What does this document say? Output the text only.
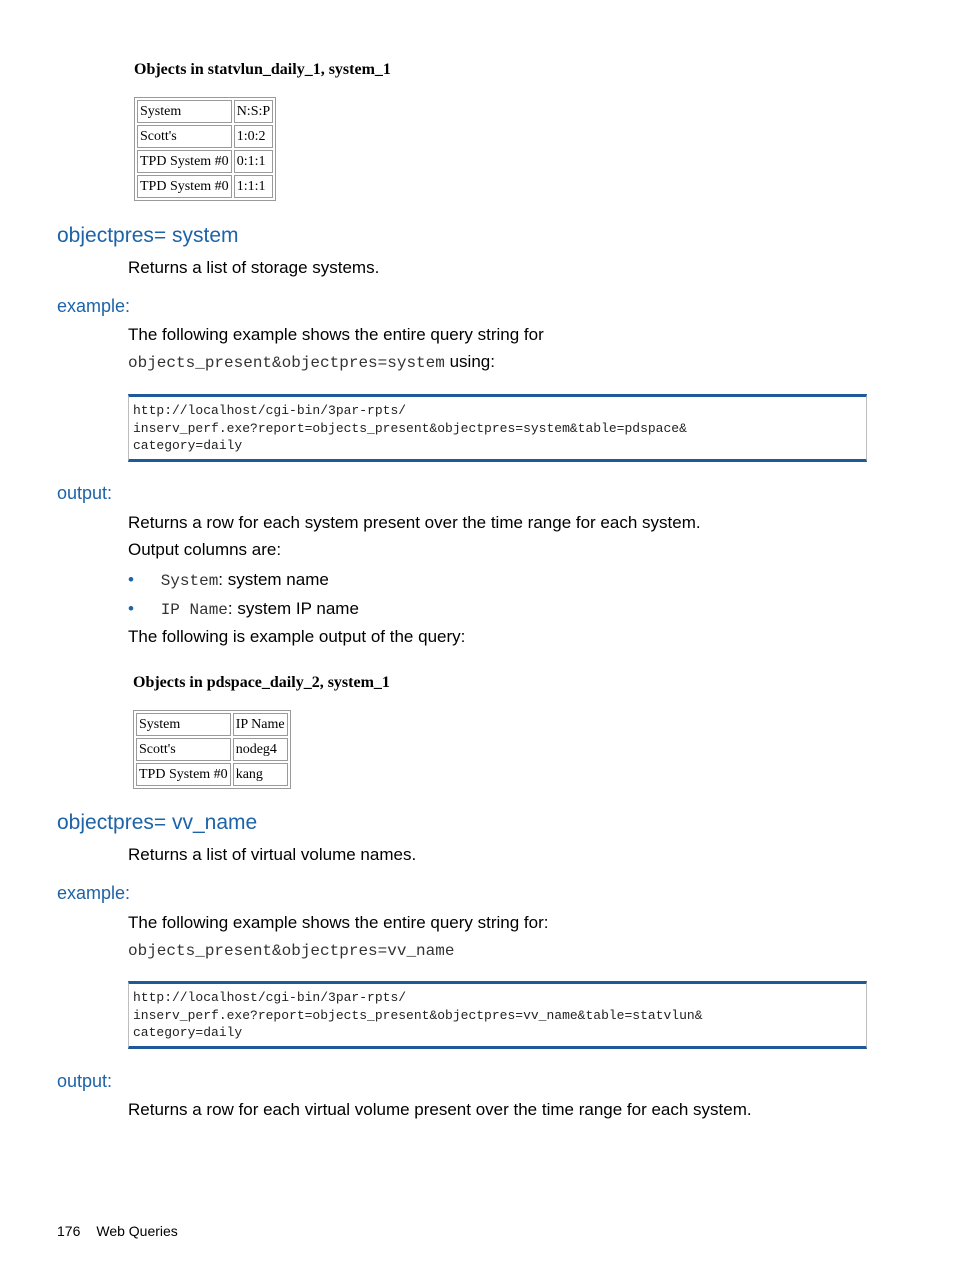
Objects in statvlun_daily_1, system_1
System	N:S:P
Scott's	1:0:2
TPD System #0	0:1:1
TPD System #0	1:1:1
objectpres= system
Returns a list of storage systems.
example:
The following example shows the entire query string for
objects_present&objectpres=system using:
http://localhost/cgi-bin/3par-rpts/
inserv_perf.exe?report=objects_present&objectpres=system&table=pdspace&
category=daily
output:
Returns a row for each system present over the time range for each system.
Output columns are:
• System: system name
• IP Name: system IP name
The following is example output of the query:
Objects in pdspace_daily_2, system_1
System	IP Name
Scott's	nodeg4
TPD System #0	kang
objectpres= vv_name
Returns a list of virtual volume names.
example:
The following example shows the entire query string for:
objects_present&objectpres=vv_name
http://localhost/cgi-bin/3par-rpts/
inserv_perf.exe?report=objects_present&objectpres=vv_name&table=statvlun&
category=daily
output:
Returns a row for each virtual volume present over the time range for each system.
176 Web Queries
